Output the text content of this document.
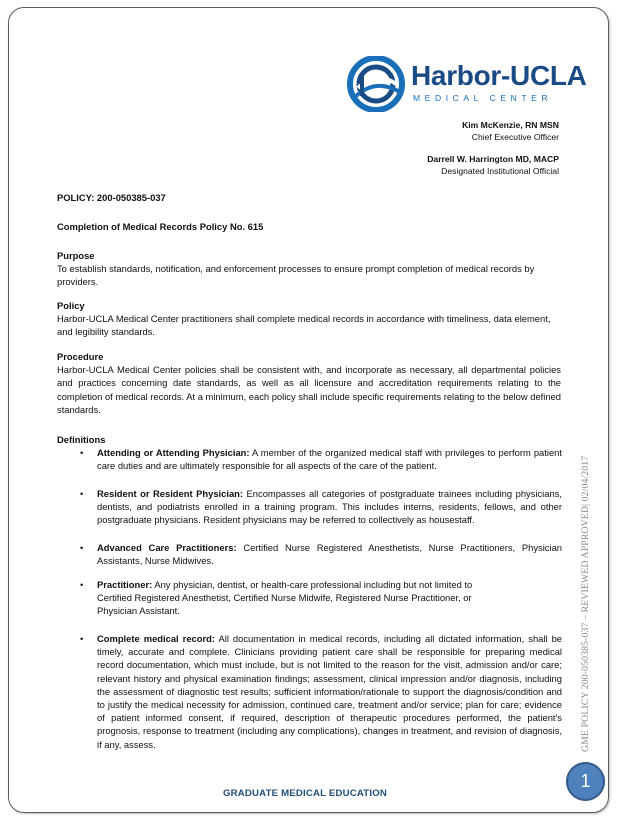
Harbor-UCLA
MEDICAL CENTER
Kim McKenzie, RN MSN
Chief Executive Officer
Darrell W. Harrington MD, MACP
Designated Institutional Official
POLICY: 200-050385-037
Completion of Medical Records Policy No. 615
Purpose
To establish standards, notification, and enforcement processes to ensure prompt completion of medical records by providers.
Policy
Harbor-UCLA Medical Center practitioners shall complete medical records in accordance with timeliness, data element, and legibility standards.
Procedure
Harbor-UCLA Medical Center policies shall be consistent with, and incorporate as necessary, all departmental policies and practices concerning date standards, as well as all licensure and accreditation requirements relating to the completion of medical records. At a minimum, each policy shall include specific requirements relating to the below defined standards.
Definitions
• Attending or Attending Physician: A member of the organized medical staff with privileges to perform patient care duties and are ultimately responsible for all aspects of the care of the patient.
• Resident or Resident Physician: Encompasses all categories of postgraduate trainees including physicians, dentists, and podiatrists enrolled in a training program. This includes interns, residents, fellows, and other postgraduate physicians. Resident physicians may be referred to collectively as housestaff.
• Advanced Care Practitioners: Certified Nurse Registered Anesthetists, Nurse Practitioners, Physician Assistants, Nurse Midwives.
• Practitioner: Any physician, dentist, or health-care professional including but not limited to Certified Registered Anesthetist, Certified Nurse Midwife, Registered Nurse Practitioner, or Physician Assistant.
• Complete medical record: All documentation in medical records, including all dictated information, shall be timely, accurate and complete. Clinicians providing patient care shall be responsible for preparing medical record documentation, which must include, but is not limited to the reason for the visit, admission and/or care; relevant history and physical examination findings; assessment, clinical impression and/or diagnosis, including the assessment of diagnostic test results; sufficient information/rationale to support the diagnosis/condition and to justify the medical necessity for admission, continued care, treatment and/or service; plan for care; evidence of patient informed consent, if required, description of therapeutic procedures performed, the patient's prognosis, response to treatment (including any complications), changes in treatment, and revision of diagnosis, if any, assess.	GME POLICY 200-050385-037 – REVIEWED APPROVED| 02/04/2017
GRADUATE MEDICAL EDUCATION
1
